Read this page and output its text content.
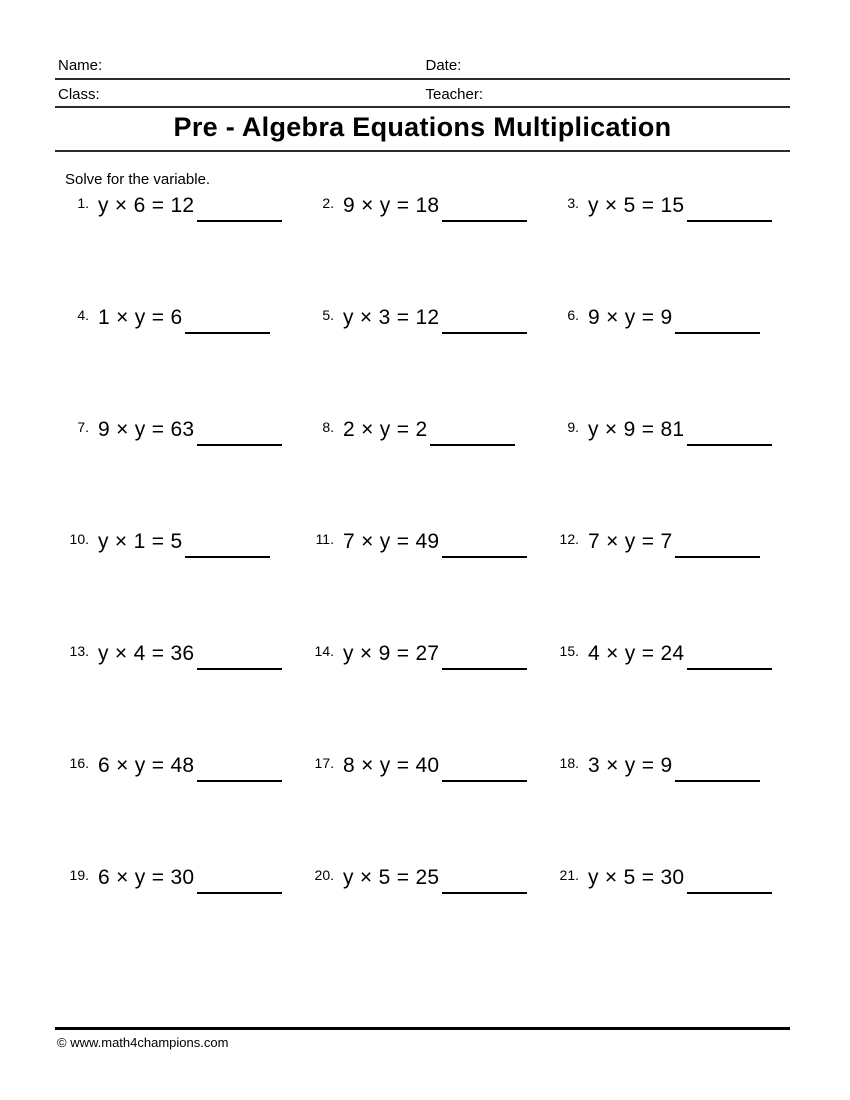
Name:	Date:
Class:	Teacher:
Pre - Algebra Equations Multiplication
Solve for the variable.
1. y × 6 = 12	2. 9 × y = 18	3. y × 5 = 15
4. 1 × y = 6	5. y × 3 = 12	6. 9 × y = 9
7. 9 × y = 63	8. 2 × y = 2	9. y × 9 = 81
10. y × 1 = 5	11. 7 × y = 49	12. 7 × y = 7
13. y × 4 = 36	14. y × 9 = 27	15. 4 × y = 24
16. 6 × y = 48	17. 8 × y = 40	18. 3 × y = 9
19. 6 × y = 30	20. y × 5 = 25	21. y × 5 = 30
© www.math4champions.com
